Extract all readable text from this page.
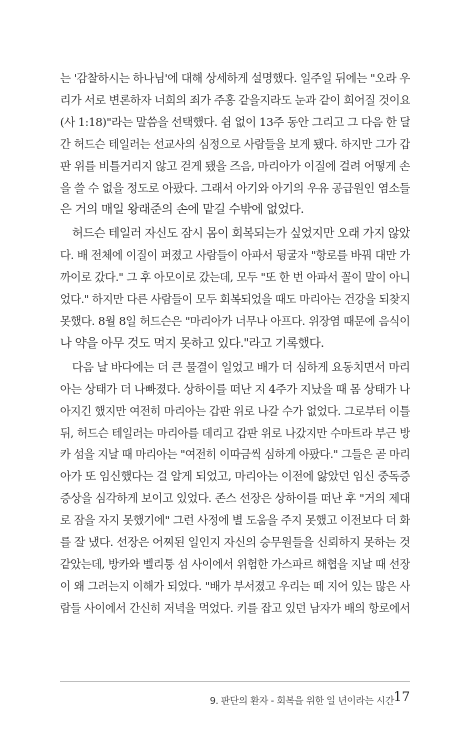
는 '감찰하시는 하나님'에 대해 상세하게 설명했다. 일주일 뒤에는 "오라 우
리가 서로 변론하자 너희의 죄가 주홍 같을지라도 눈과 같이 희어질 것이요
(사 1:18)"라는 말씀을 선택했다. 쉼 없이 13주 동안 그리고 그 다음 한 달
간 허드슨 테일러는 선교사의 심정으로 사람들을 보게 됐다. 하지만 그가 갑
판 위를 비틀거리지 않고 걷게 됐을 즈음, 마리아가 이질에 걸려 어떻게 손
을 쓸 수 없을 정도로 아팠다. 그래서 아기와 아기의 우유 공급원인 염소들
은 거의 매일 왕래준의 손에 맡길 수밖에 없었다.

허드슨 테일러 자신도 잠시 몸이 회복되는가 싶었지만 오래 가지 않았
다. 배 전체에 이질이 퍼졌고 사람들이 아파서 뒹굴자 "항로를 바꿔 대만 가
까이로 갔다." 그 후 아모이로 갔는데, 모두 "또 한 번 아파서 꼴이 말이 아니
었다." 하지만 다른 사람들이 모두 회복되었을 때도 마리아는 건강을 되찾지
못했다. 8월 8일 허드슨은 "마리아가 너무나 아프다. 위장염 때문에 음식이
나 약을 아무 것도 먹지 못하고 있다."라고 기록했다.

다음 날 바다에는 더 큰 물결이 일었고 배가 더 심하게 요동치면서 마리
아는 상태가 더 나빠졌다. 상하이를 떠난 지 4주가 지났을 때 몸 상태가 나
아지긴 했지만 여전히 마리아는 갑판 위로 나갈 수가 없었다. 그로부터 이틀
뒤, 허드슨 테일러는 마리아를 데리고 갑판 위로 나갔지만 수마트라 부근 방
카 섬을 지날 때 마리아는 "여전히 이따금씩 심하게 아팠다." 그들은 곧 마리
아가 또 임신했다는 걸 알게 되었고, 마리아는 이전에 앓았던 임신 중독증
증상을 심각하게 보이고 있었다. 존스 선장은 상하이를 떠난 후 "거의 제대
로 잠을 자지 못했기에" 그런 사정에 별 도움을 주지 못했고 이전보다 더 화
를 잘 냈다. 선장은 어찌된 일인지 자신의 승무원들을 신뢰하지 못하는 것
같았는데, 방카와 벨리퉁 섬 사이에서 위험한 가스파르 해협을 지날 때 선장
이 왜 그러는지 이해가 되었다. "배가 부서졌고 우리는 떼 지어 있는 많은 사
람들 사이에서 간신히 저녁을 먹었다. 키를 잡고 있던 남자가 배의 항로에서

9. 판단의 환자 - 회복을 위한 일 년이라는 시간 17
